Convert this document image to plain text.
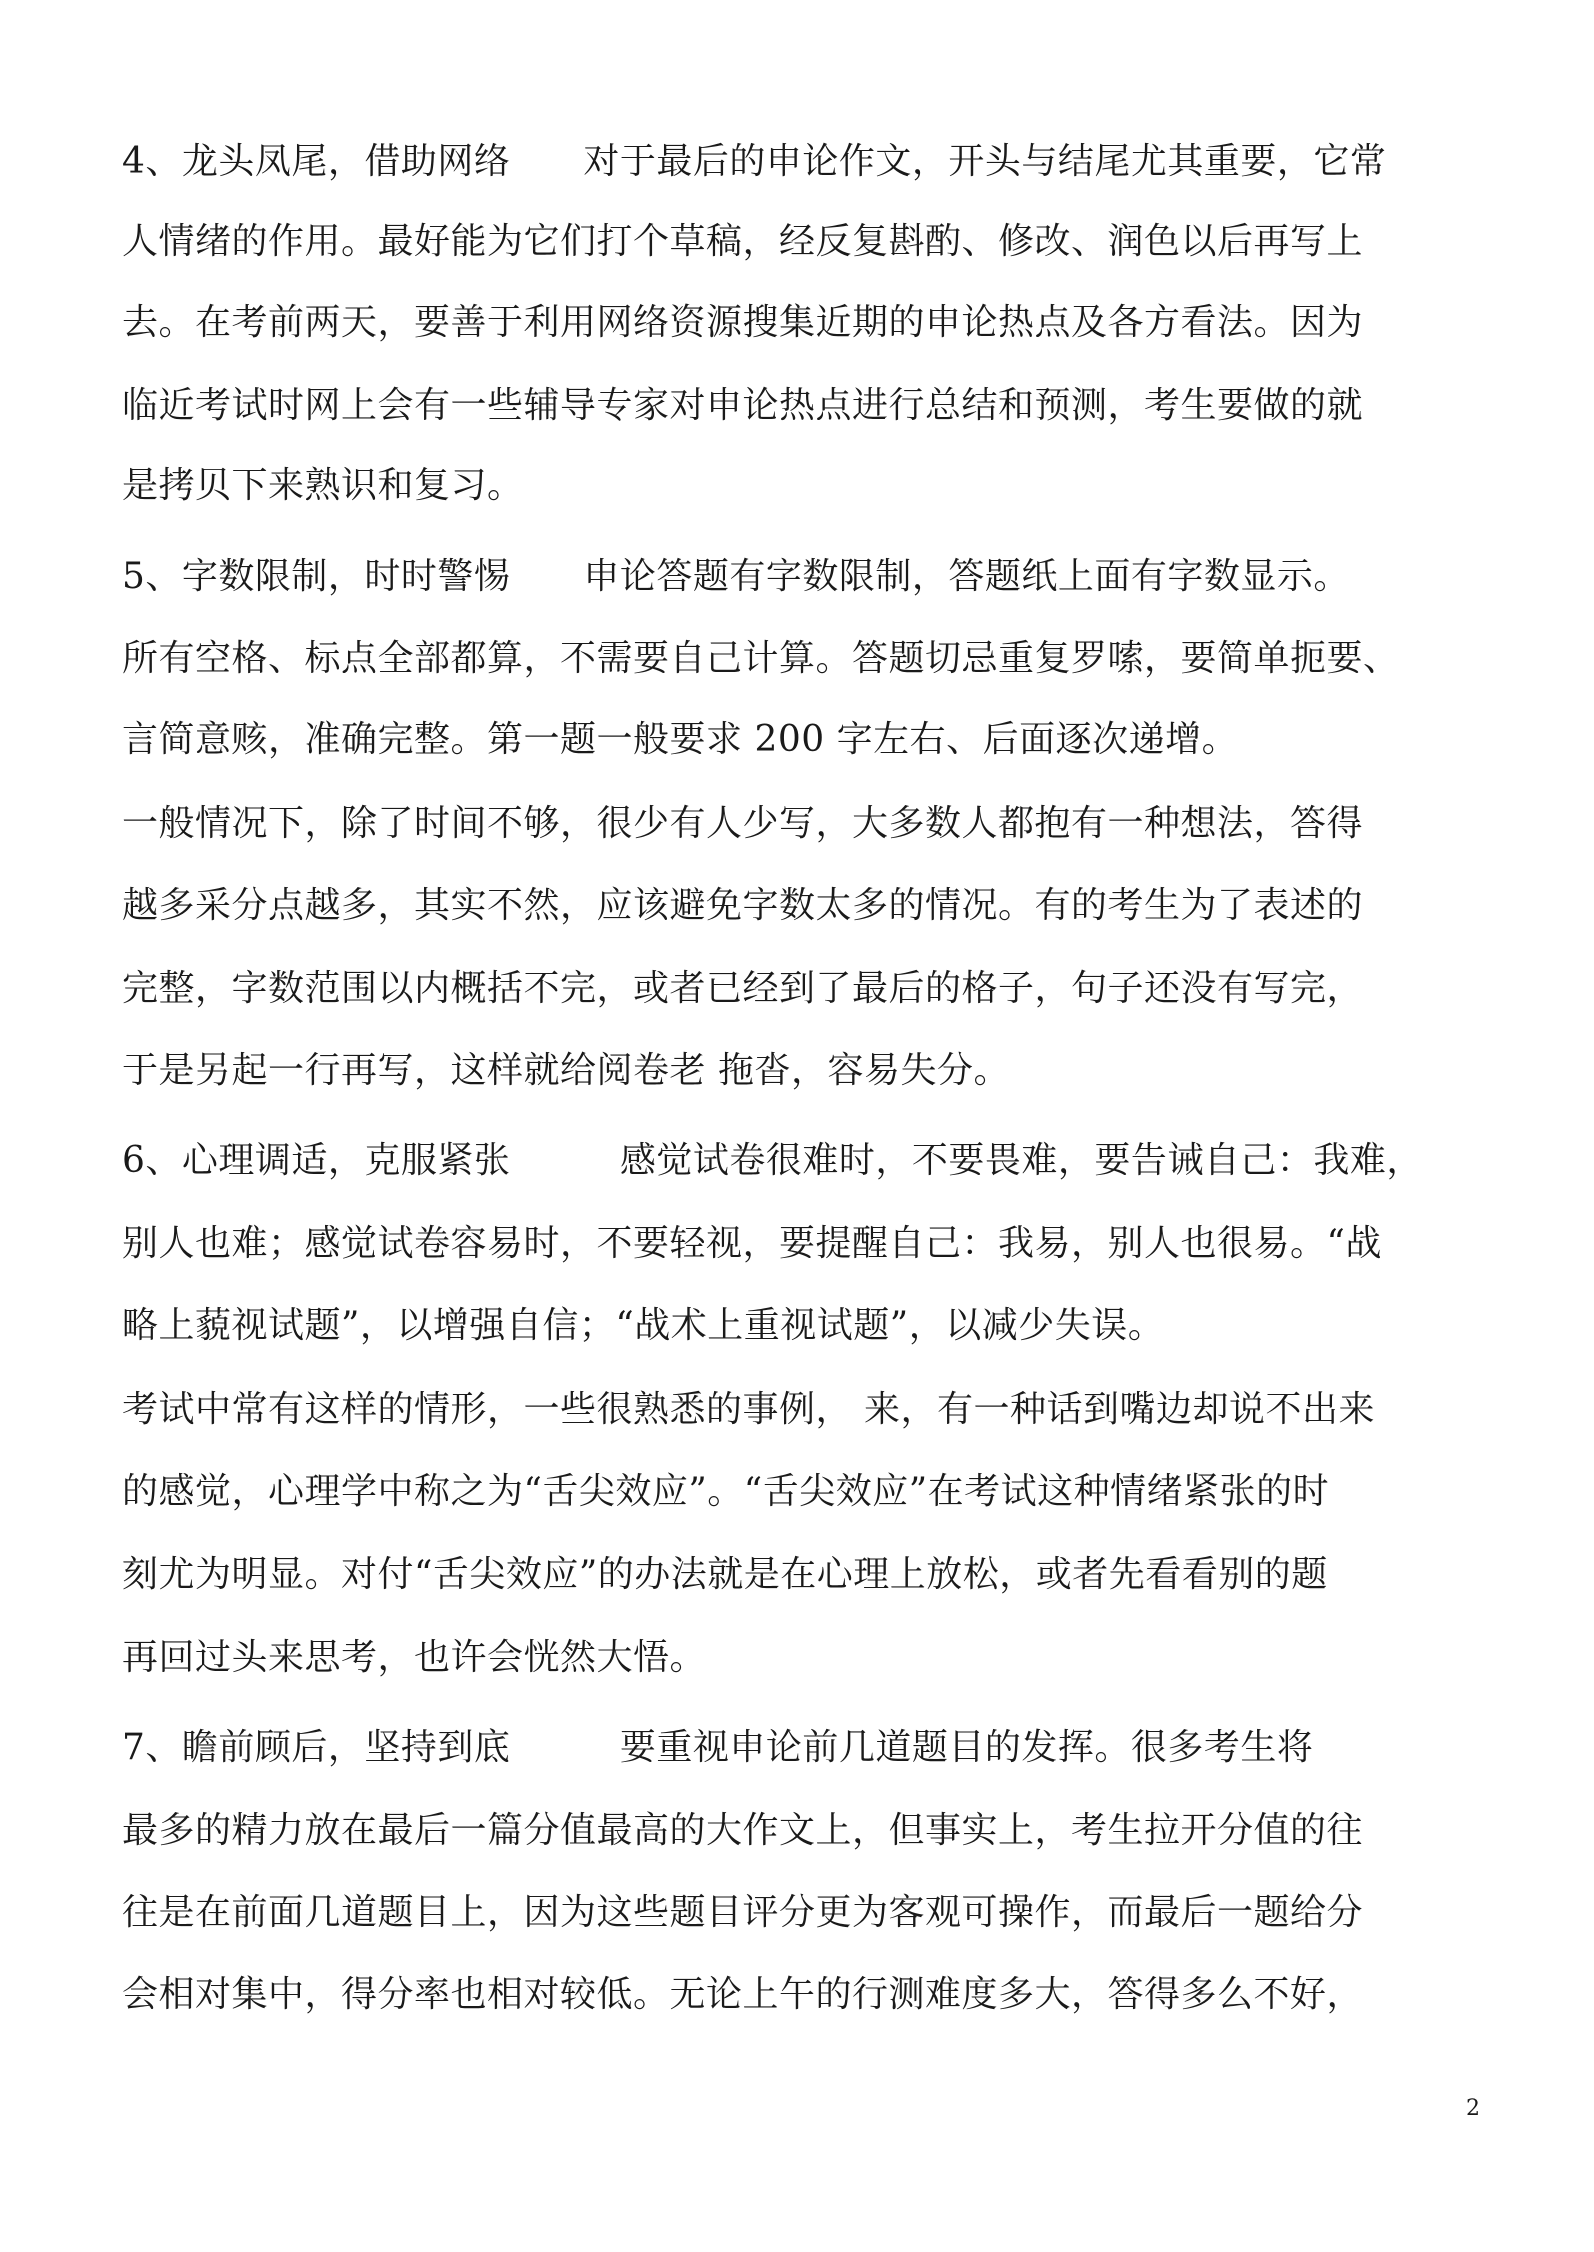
4、龙头凤尾，借助网络　　对于最后的申论作文，开头与结尾尤其重要，它常
人情绪的作用。最好能为它们打个草稿，经反复斟酌、修改、润色以后再写上
去。在考前两天，要善于利用网络资源搜集近期的申论热点及各方看法。因为
临近考试时网上会有一些辅导专家对申论热点进行总结和预测，考生要做的就
是拷贝下来熟识和复习。
5、字数限制，时时警惕　　申论答题有字数限制，答题纸上面有字数显示。
所有空格、标点全部都算，不需要自己计算。答题切忌重复罗嗦，要简单扼要、
言简意赅，准确完整。第一题一般要求 200 字左右、后面逐次递增。
一般情况下，除了时间不够，很少有人少写，大多数人都抱有一种想法，答得
越多采分点越多，其实不然，应该避免字数太多的情况。有的考生为了表述的
完整，字数范围以内概括不完，或者已经到了最后的格子，句子还没有写完，
于是另起一行再写，这样就给阅卷老 拖沓，容易失分。
6、心理调适，克服紧张　　　感觉试卷很难时，不要畏难，要告诫自己：我难，
别人也难；感觉试卷容易时，不要轻视，要提醒自己：我易，别人也很易。“战
略上藐视试题”，以增强自信；“战术上重视试题”，以减少失误。
考试中常有这样的情形，一些很熟悉的事例， 来，有一种话到嘴边却说不出来
的感觉，心理学中称之为“舌尖效应”。“舌尖效应”在考试这种情绪紧张的时
刻尤为明显。对付“舌尖效应”的办法就是在心理上放松，或者先看看别的题
再回过头来思考，也许会恍然大悟。
7、瞻前顾后，坚持到底　　　要重视申论前几道题目的发挥。很多考生将
最多的精力放在最后一篇分值最高的大作文上，但事实上，考生拉开分值的往
往是在前面几道题目上，因为这些题目评分更为客观可操作，而最后一题给分
会相对集中，得分率也相对较低。无论上午的行测难度多大，答得多么不好，
2
